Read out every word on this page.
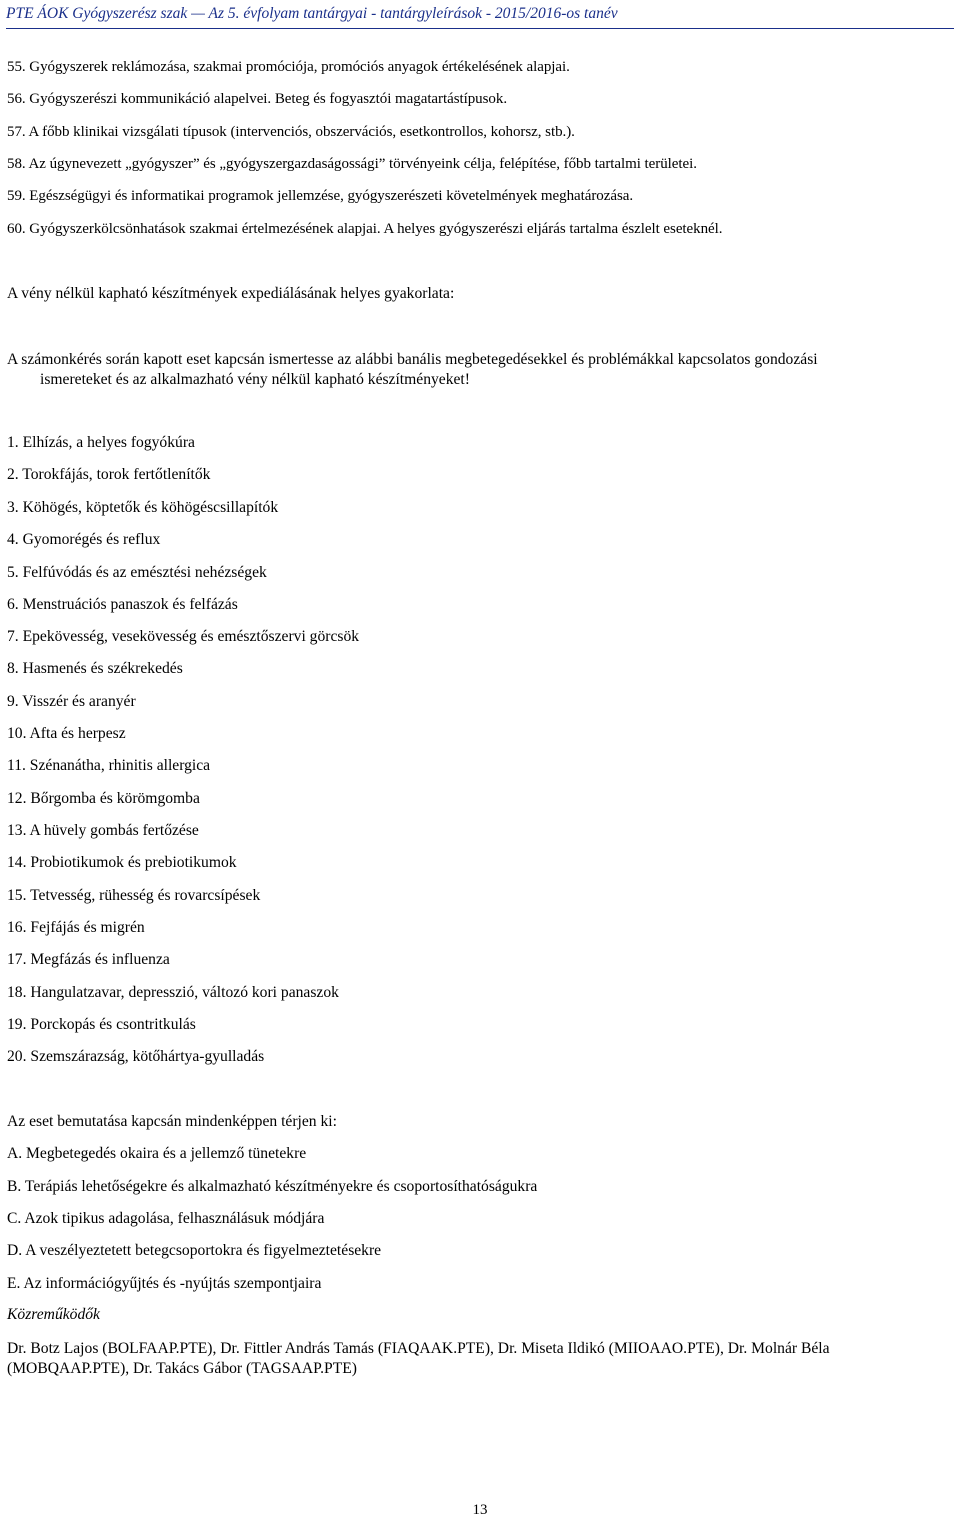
PTE ÁOK Gyógyszerész szak — Az 5. évfolyam tantárgyai - tantárgyleírások - 2015/2016-os tanév
55. Gyógyszerek reklámozása, szakmai promóciója, promóciós anyagok értékelésének alapjai.
56. Gyógyszerészi kommunikáció alapelvei. Beteg és fogyasztói magatartástípusok.
57. A főbb klinikai vizsgálati típusok (intervenciós, obszervációs, esetkontrollos, kohorsz, stb.).
58. Az úgynevezett „gyógyszer” és „gyógyszergazdaságossági” törvényeink célja, felépítése, főbb tartalmi területei.
59. Egészségügyi és informatikai programok jellemzése, gyógyszerészeti követelmények meghatározása.
60. Gyógyszerkölcsönhatások szakmai értelmezésének alapjai. A helyes gyógyszerészi eljárás tartalma észlelt eseteknél.
A vény nélkül kapható készítmények expediálásának helyes gyakorlata:
A számonkérés során kapott eset kapcsán ismertesse az alábbi banális megbetegedésekkel és problémákkal kapcsolatos gondozási
ismereteket és az alkalmazható vény nélkül kapható készítményeket!
1. Elhízás, a helyes fogyókúra
2. Torokfájás, torok fertőtlenítők
3. Köhögés, köptetők és köhögéscsillapítók
4. Gyomorégés és reflux
5. Felfúvódás és az emésztési nehézségek
6. Menstruációs panaszok és felfázás
7. Epekövesség, vesekövesség és emésztőszervi görcsök
8. Hasmenés és székrekedés
9. Visszér és aranyér
10. Afta és herpesz
11. Szénanátha, rhinitis allergica
12. Bőrgomba és körömgomba
13. A hüvely gombás fertőzése
14. Probiotikumok és prebiotikumok
15. Tetvesség, rühesség és rovarcsípések
16. Fejfájás és migrén
17. Megfázás és influenza
18. Hangulatzavar, depresszió, változó kori panaszok
19. Porckopás és csontritkulás
20. Szemszárazság, kötőhártya-gyulladás
Az eset bemutatása kapcsán mindenképpen térjen ki:
A. Megbetegedés okaira és a jellemző tünetekre
B. Terápiás lehetőségekre és alkalmazható készítményekre és csoportosíthatóságukra
C. Azok tipikus adagolása, felhasználásuk módjára
D. A veszélyeztetett betegcsoportokra és figyelmeztetésekre
E. Az információgyűjtés és -nyújtás szempontjaira
Közreműködők
Dr. Botz Lajos (BOLFAAP.PTE), Dr. Fittler András Tamás (FIAQAAK.PTE), Dr. Miseta Ildikó (MIIOAAO.PTE), Dr. Molnár Béla
(MOBQAAP.PTE), Dr. Takács Gábor (TAGSAAP.PTE)
13
